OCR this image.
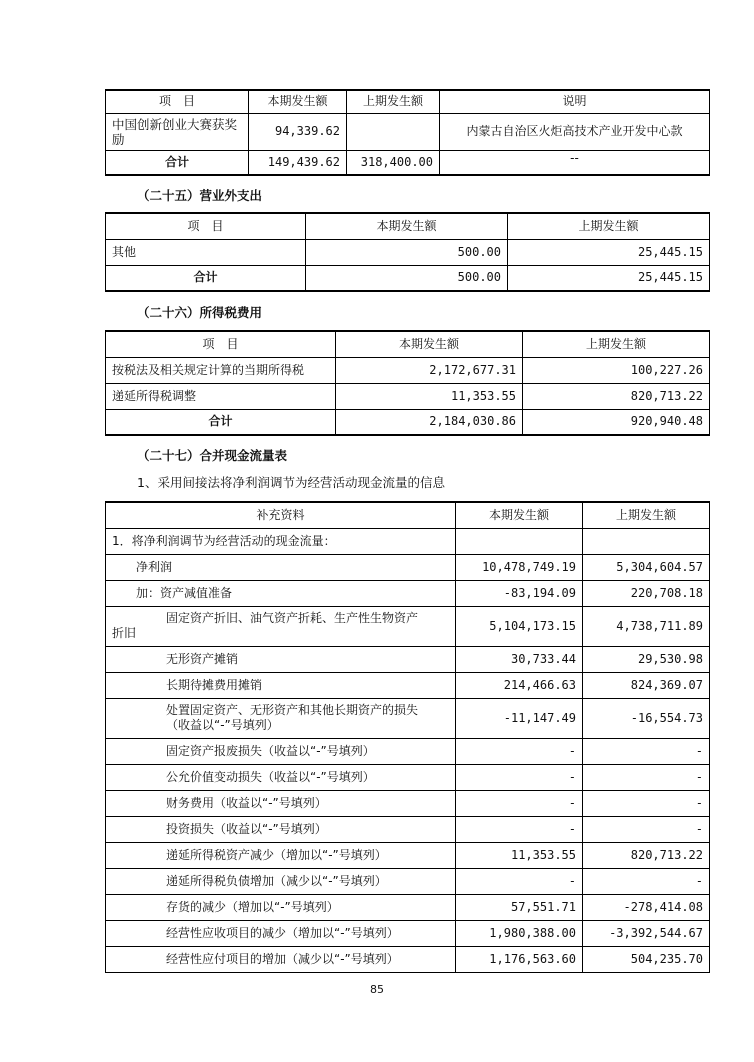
项　目	本期发生额	上期发生额	说明
中国创新创业大赛获奖励	94,339.62		内蒙古自治区火炬高技术产业开发中心款
合计	149,439.62	318,400.00	--
（二十五）营业外支出
项　目	本期发生额	上期发生额
其他	500.00	25,445.15
合计	500.00	25,445.15
（二十六）所得税费用
项　目	本期发生额	上期发生额
按税法及相关规定计算的当期所得税	2,172,677.31	100,227.26
递延所得税调整	11,353.55	820,713.22
合计	2,184,030.86	920,940.48
（二十七）合并现金流量表
1、采用间接法将净利润调节为经营活动现金流量的信息
补充资料	本期发生额	上期发生额
1．将净利润调节为经营活动的现金流量：		
净利润	10,478,749.19	5,304,604.57
加：资产减值准备	-83,194.09	220,708.18

固定资产折旧、油气资产折耗、生产性生物资产
折旧	5,104,173.15	4,738,711.89
无形资产摊销	30,733.44	29,530.98
长期待摊费用摊销	214,466.63	824,369.07

处置固定资产、无形资产和其他长期资产的损失
（收益以“-”号填列）	-11,147.49	-16,554.73
固定资产报废损失（收益以“-”号填列）	-	-
公允价值变动损失（收益以“-”号填列）	-	-
财务费用（收益以“-”号填列）	-	-
投资损失（收益以“-”号填列）	-	-
递延所得税资产减少（增加以“-”号填列）	11,353.55	820,713.22
递延所得税负债增加（减少以“-”号填列）	-	-
存货的减少（增加以“-”号填列）	57,551.71	-278,414.08
经营性应收项目的减少（增加以“-”号填列）	1,980,388.00	-3,392,544.67
经营性应付项目的增加（减少以“-”号填列）	1,176,563.60	504,235.70
85
